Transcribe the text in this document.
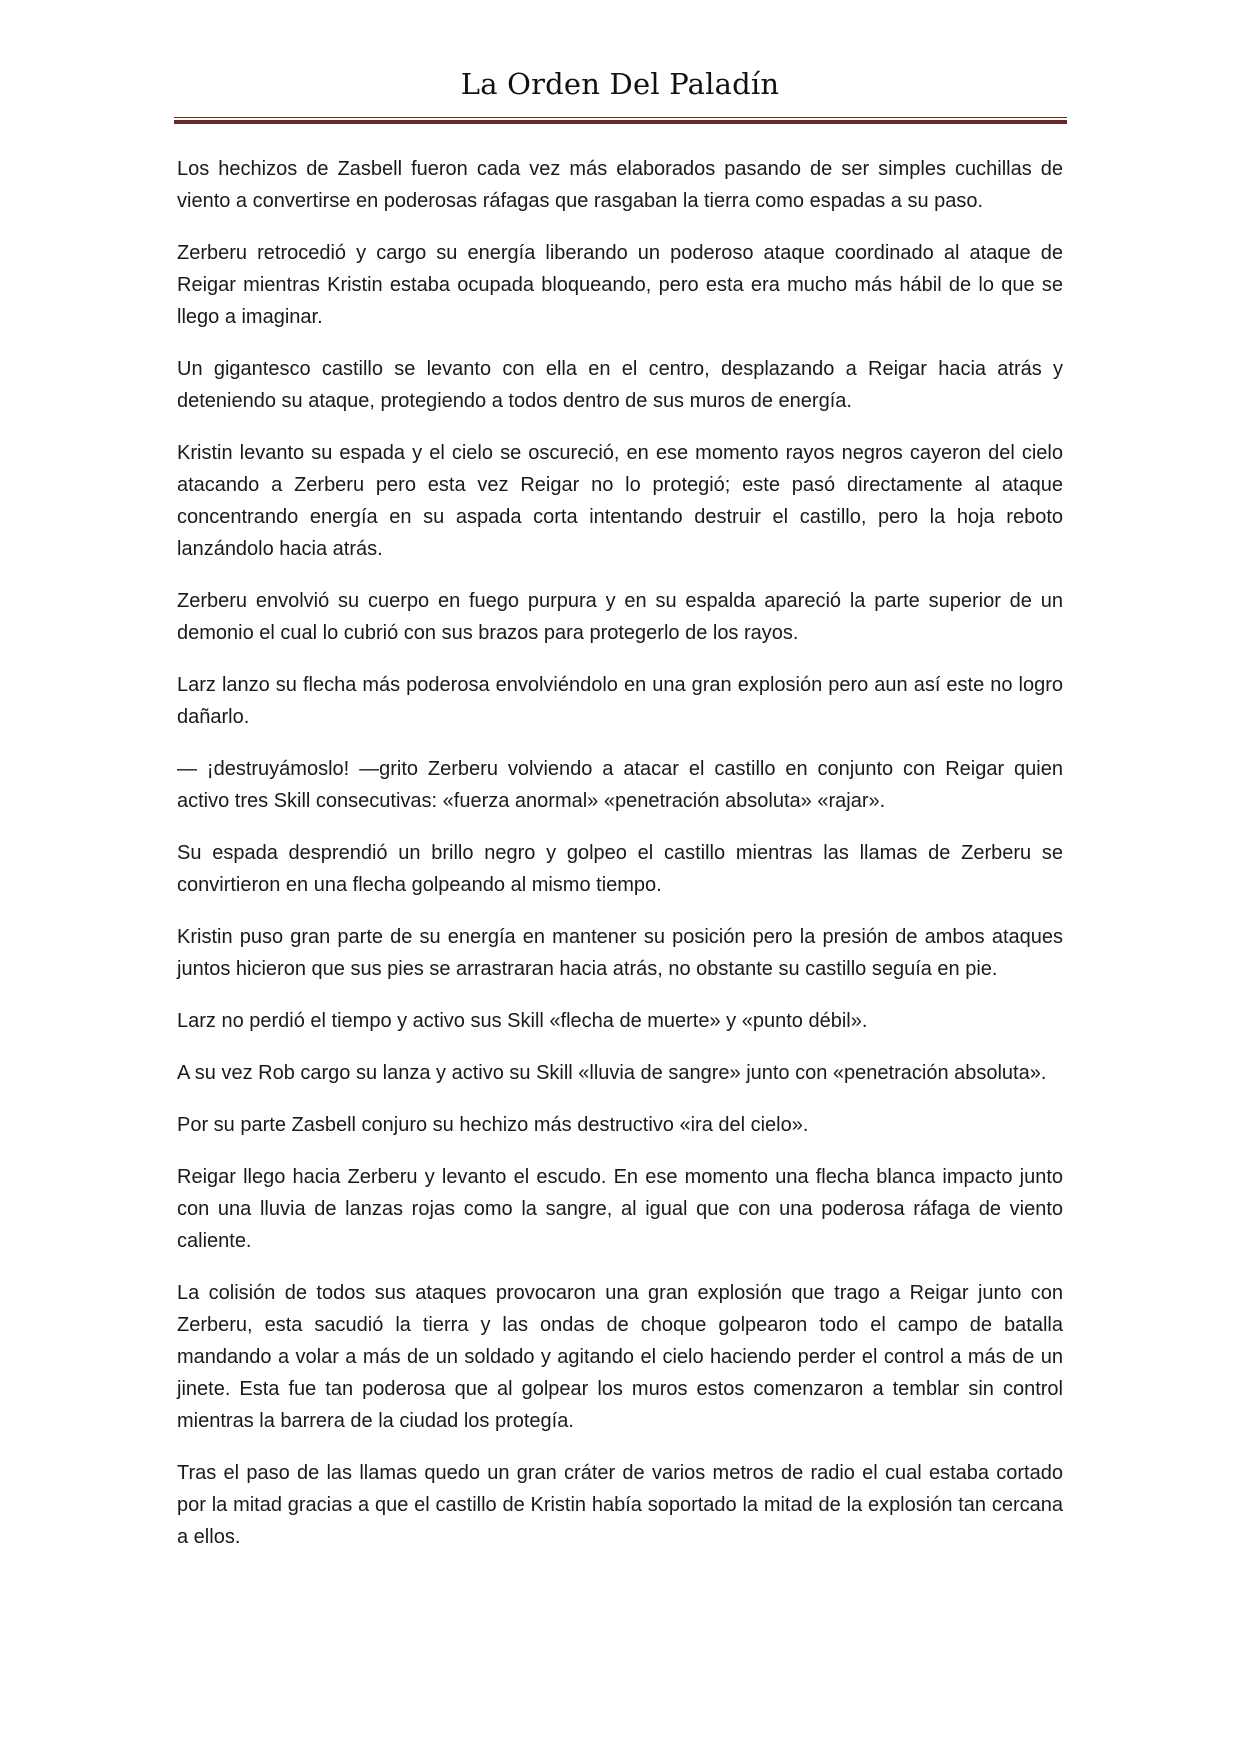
La Orden Del Paladín

Los hechizos de Zasbell fueron cada vez más elaborados pasando de ser simples cuchillas de viento a convertirse en poderosas ráfagas que rasgaban la tierra como espadas a su paso.

Zerberu retrocedió y cargo su energía liberando un poderoso ataque coordinado al ataque de Reigar mientras Kristin estaba ocupada bloqueando, pero esta era mucho más hábil de lo que se llego a imaginar.

Un gigantesco castillo se levanto con ella en el centro, desplazando a Reigar hacia atrás y deteniendo su ataque, protegiendo a todos dentro de sus muros de energía.

Kristin levanto su espada y el cielo se oscureció, en ese momento rayos negros cayeron del cielo atacando a Zerberu pero esta vez Reigar no lo protegió; este pasó directamente al ataque concentrando energía en su aspada corta intentando destruir el castillo, pero la hoja reboto lanzándolo hacia atrás.

Zerberu envolvió su cuerpo en fuego purpura y en su espalda apareció la parte superior de un demonio el cual lo cubrió con sus brazos para protegerlo de los rayos.

Larz lanzo su flecha más poderosa envolviéndolo en una gran explosión pero aun así este no logro dañarlo.

— ¡destruyámoslo! —grito Zerberu volviendo a atacar el castillo en conjunto con Reigar quien activo tres Skill consecutivas: «fuerza anormal» «penetración absoluta» «rajar».

Su espada desprendió un brillo negro y golpeo el castillo mientras las llamas de Zerberu se convirtieron en una flecha golpeando al mismo tiempo.

Kristin puso gran parte de su energía en mantener su posición pero la presión de ambos ataques juntos hicieron que sus pies se arrastraran hacia atrás, no obstante su castillo seguía en pie.

Larz no perdió el tiempo y activo sus Skill «flecha de muerte» y «punto débil».

A su vez Rob cargo su lanza y activo su Skill «lluvia de sangre» junto con «penetración absoluta».

Por su parte Zasbell conjuro su hechizo más destructivo «ira del cielo».

Reigar llego hacia Zerberu y levanto el escudo. En ese momento una flecha blanca impacto junto con una lluvia de lanzas rojas como la sangre, al igual que con una poderosa ráfaga de viento caliente.

La colisión de todos sus ataques provocaron una gran explosión que trago a Reigar junto con Zerberu, esta sacudió la tierra y las ondas de choque golpearon todo el campo de batalla mandando a volar a más de un soldado y agitando el cielo haciendo perder el control a más de un jinete. Esta fue tan poderosa que al golpear los muros estos comenzaron a temblar sin control mientras la barrera de la ciudad los protegía.

Tras el paso de las llamas quedo un gran cráter de varios metros de radio el cual estaba cortado por la mitad gracias a que el castillo de Kristin había soportado la mitad de la explosión tan cercana a ellos.
